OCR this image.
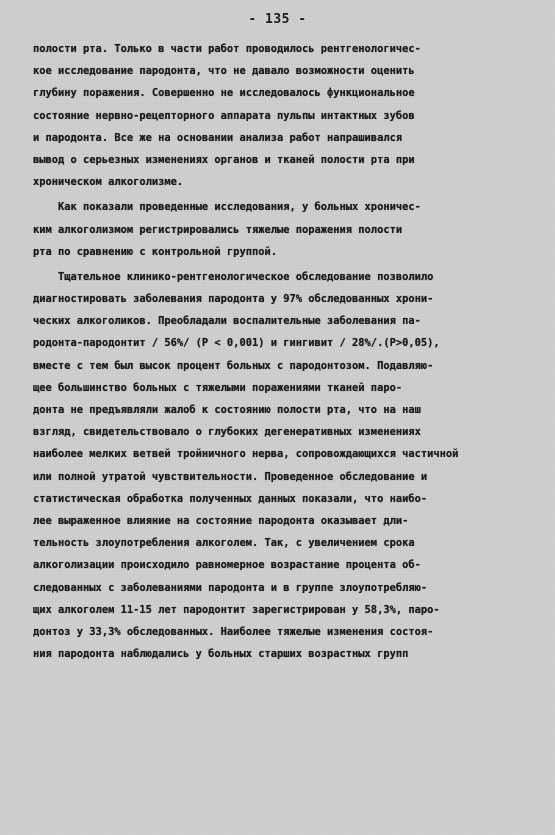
- 135 -
полости рта. Только в части работ проводилось рентгенологичес-
кое исследование пародонта, что не давало возможности оценить
глубину поражения. Совершенно не исследовалось функциональное
состояние нервно-рецепторного аппарата пульпы интактных зубов
и пародонта. Все же на основании анализа работ напрашивался
вывод о серьезных изменениях органов и тканей полости рта при
хроническом алкоголизме.
Как показали проведенные исследования, у больных хроничес-
ким алкоголизмом регистрировались тяжелые поражения полости
рта по сравнению с контрольной группой.
Тщательное клинико-рентгенологическое обследование позволило
диагностировать заболевания пародонта у 97% обследованных хрони-
ческих алкоголиков. Преобладали воспалительные заболевания па-
родонта-пародонтит / 56%/ (P < 0,001) и гингивит / 28%/.(P>0,05),
вместе с тем был высок процент больных с пародонтозом. Подавляю-
щее большинство больных с тяжелыми поражениями тканей паро-
донта не предъявляли жалоб к состоянию полости рта, что на наш
взгляд, свидетельствовало о глубоких дегенеративных изменениях
наиболее мелких ветвей тройничного нерва, сопровождающихся частичной
или полной утратой чувствительности. Проведенное обследование и
статистическая обработка полученных данных показали, что наибо-
лее выраженное влияние на состояние пародонта оказывает дли-
тельность злоупотребления алкоголем. Так, с увеличением срока
алкоголизации происходило равномерное возрастание процента об-
следованных с заболеваниями пародонта и в группе злоупотребляю-
щих алкоголем 11-15 лет пародонтит зарегистрирован у 58,3%, паро-
донтоз у 33,3% обследованных. Наиболее тяжелые изменения состоя-
ния пародонта наблюдались у больных старших возрастных групп
